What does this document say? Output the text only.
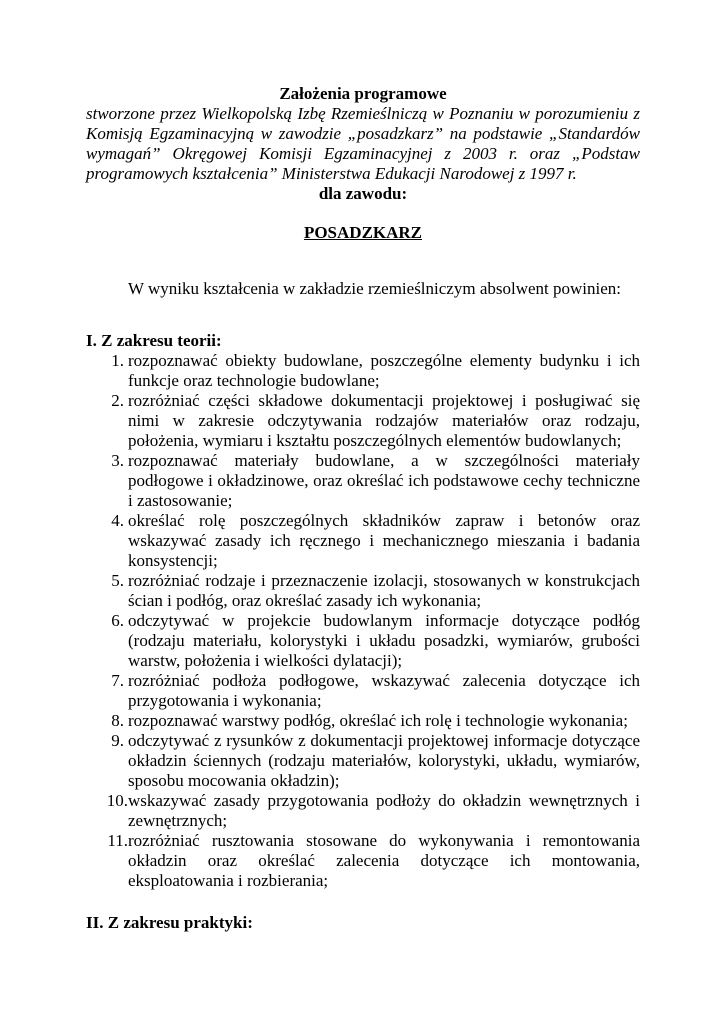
Założenia programowe
stworzone przez Wielkopolską Izbę Rzemieślniczą w Poznaniu w porozumieniu z Komisją Egzaminacyjną w zawodzie „posadzkarz” na podstawie „Standardów wymagań” Okręgowej Komisji Egzaminacyjnej z 2003 r. oraz „Podstaw programowych kształcenia” Ministerstwa Edukacji Narodowej z 1997 r.
dla zawodu:
POSADZKARZ
W wyniku kształcenia w zakładzie rzemieślniczym absolwent powinien:
I. Z zakresu teorii:
1. rozpoznawać obiekty budowlane, poszczególne elementy budynku i ich funkcje oraz technologie budowlane;
2. rozróżniać części składowe dokumentacji projektowej i posługiwać się nimi w zakresie odczytywania rodzajów materiałów oraz rodzaju, położenia, wymiaru i kształtu poszczególnych elementów budowlanych;
3. rozpoznawać materiały budowlane, a w szczególności materiały podłogowe i okładzinowe, oraz określać ich podstawowe cechy techniczne i zastosowanie;
4. określać rolę poszczególnych składników zapraw i betonów oraz wskazywać zasady ich ręcznego i mechanicznego mieszania i badania konsystencji;
5. rozróżniać rodzaje i przeznaczenie izolacji, stosowanych w konstrukcjach ścian i podłóg, oraz określać zasady ich wykonania;
6. odczytywać w projekcie budowlanym informacje dotyczące podłóg (rodzaju materiału, kolorystyki i układu posadzki, wymiarów, grubości warstw, położenia i wielkości dylatacji);
7. rozróżniać podłoża podłogowe, wskazywać zalecenia dotyczące ich przygotowania i wykonania;
8. rozpoznawać warstwy podłóg, określać ich rolę i technologie wykonania;
9. odczytywać z rysunków z dokumentacji projektowej informacje dotyczące okładzin ściennych (rodzaju materiałów, kolorystyki, układu, wymiarów, sposobu mocowania okładzin);
10. wskazywać zasady przygotowania podłoży do okładzin wewnętrznych i zewnętrznych;
11. rozróżniać rusztowania stosowane do wykonywania i remontowania okładzin oraz określać zalecenia dotyczące ich montowania, eksploatowania i rozbierania;
II. Z zakresu praktyki:
